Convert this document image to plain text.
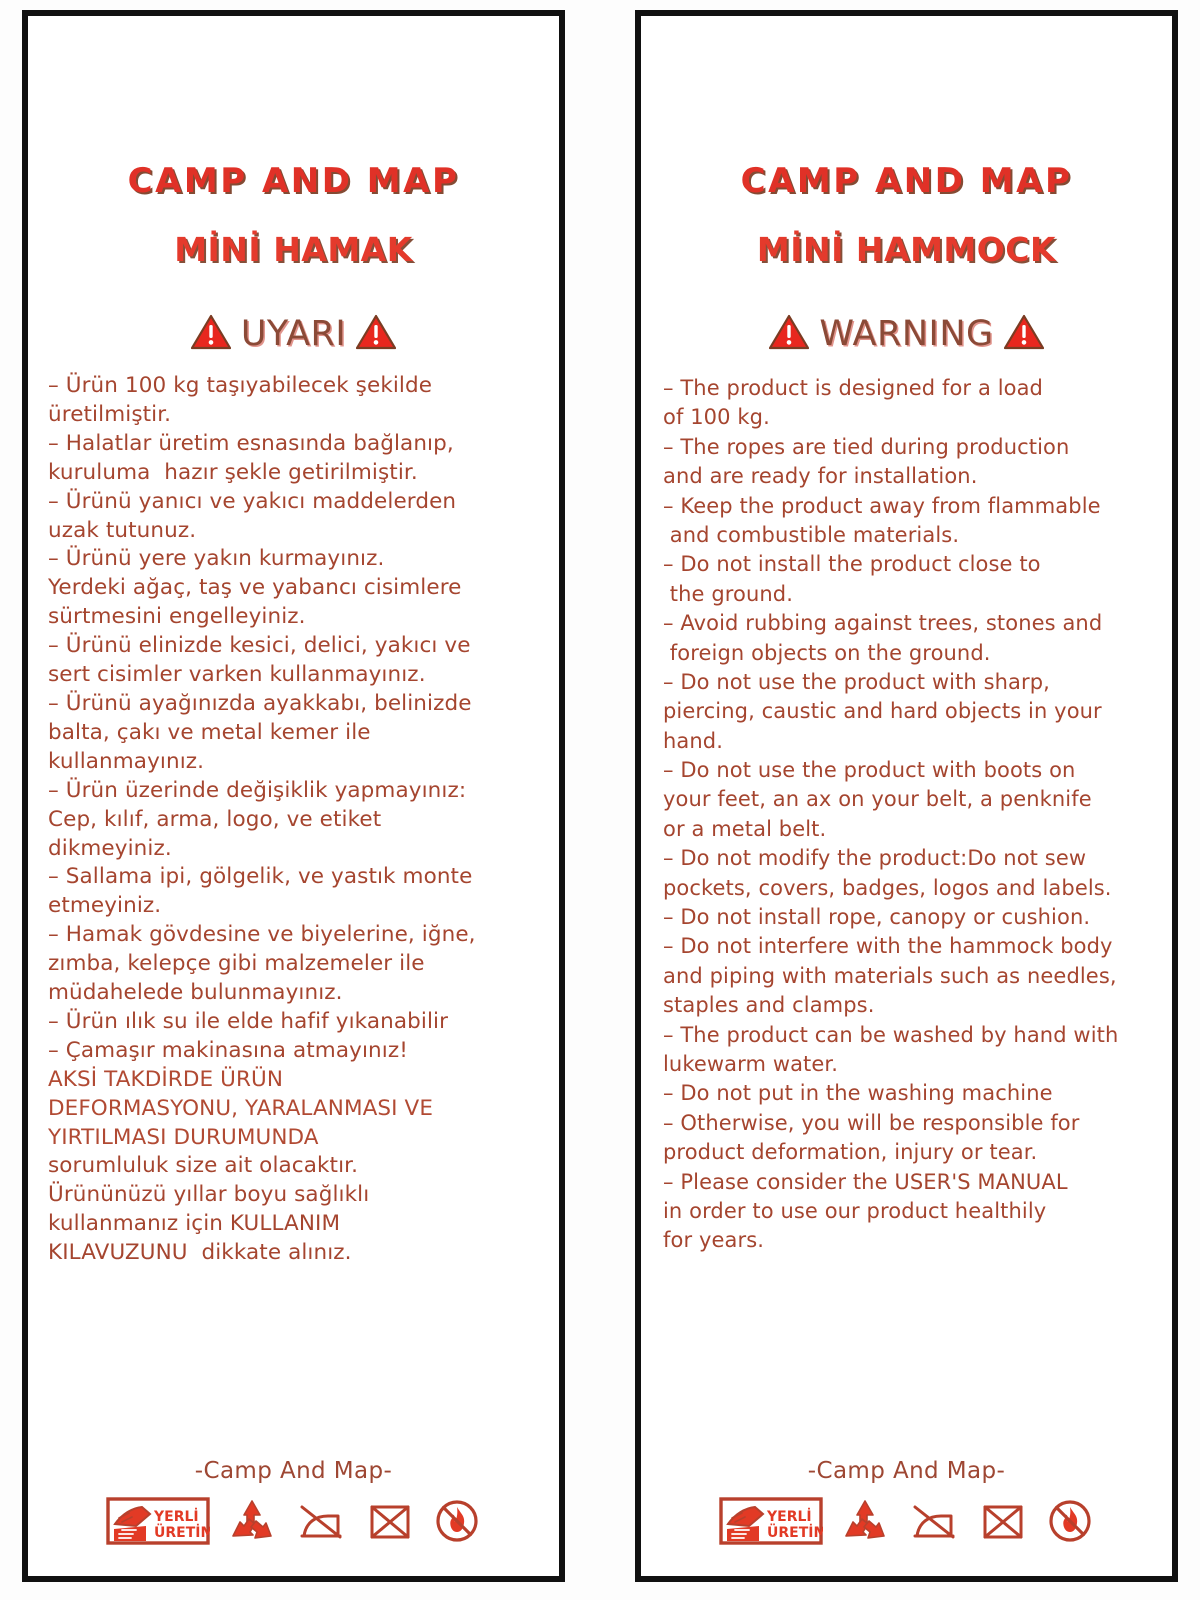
CAMP AND MAP
MİNİ HAMAK
UYARI
– Ürün 100 kg taşıyabilecek şekilde
üretilmiştir.
– Halatlar üretim esnasında bağlanıp,
kuruluma  hazır şekle getirilmiştir.
– Ürünü yanıcı ve yakıcı maddelerden
uzak tutunuz.
– Ürünü yere yakın kurmayınız.
Yerdeki ağaç, taş ve yabancı cisimlere
sürtmesini engelleyiniz.
– Ürünü elinizde kesici, delici, yakıcı ve
sert cisimler varken kullanmayınız.
– Ürünü ayağınızda ayakkabı, belinizde
balta, çakı ve metal kemer ile
kullanmayınız.
– Ürün üzerinde değişiklik yapmayınız:
Cep, kılıf, arma, logo, ve etiket
dikmeyiniz.
– Sallama ipi, gölgelik, ve yastık monte
etmeyiniz.
– Hamak gövdesine ve biyelerine, iğne,
zımba, kelepçe gibi malzemeler ile
müdahelede bulunmayınız.
– Ürün ılık su ile elde hafif yıkanabilir
– Çamaşır makinasına atmayınız!
AKSİ TAKDİRDE ÜRÜN
DEFORMASYONU, YARALANMASI VE
YIRTILMASI DURUMUNDA
sorumluluk size ait olacaktır.
Ürününüzü yıllar boyu sağlıklı
kullanmanız için KULLANIM
KILAVUZUNU  dikkate alınız.
-Camp And Map-
YERLİ
ÜRETİM
CAMP AND MAP
MİNİ HAMMOCK
WARNING
– The product is designed for a load
of 100 kg.
– The ropes are tied during production
and are ready for installation.
– Keep the product away from flammable
and combustible materials.
– Do not install the product close to
the ground.
– Avoid rubbing against trees, stones and
foreign objects on the ground.
– Do not use the product with sharp,
piercing, caustic and hard objects in your
hand.
– Do not use the product with boots on
your feet, an ax on your belt, a penknife
or a metal belt.
– Do not modify the product:Do not sew
pockets, covers, badges, logos and labels.
– Do not install rope, canopy or cushion.
– Do not interfere with the hammock body
and piping with materials such as needles,
staples and clamps.
– The product can be washed by hand with
lukewarm water.
– Do not put in the washing machine
– Otherwise, you will be responsible for
product deformation, injury or tear.
– Please consider the USER'S MANUAL
in order to use our product healthily
for years.
-Camp And Map-
YERLİ
ÜRETİM
